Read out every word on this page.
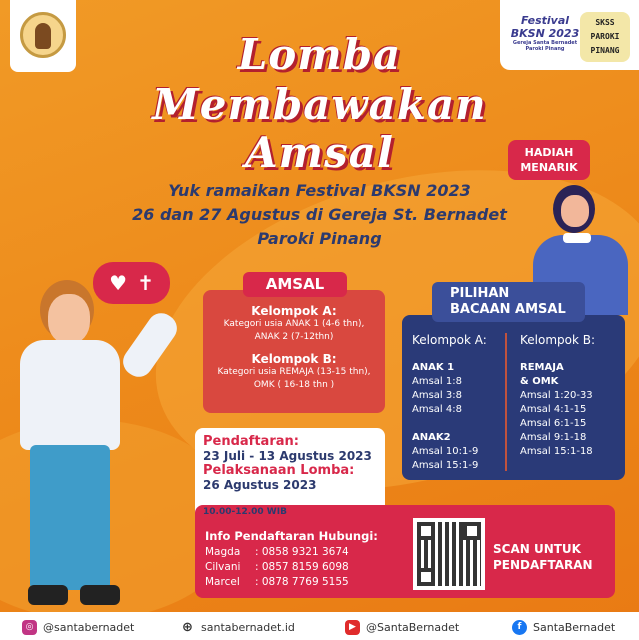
Festival
BKSN 2023
Gereja Santa Bernadet
Paroki Pinang
SKSS
PAROKI
PINANG
Lomba
Membawakan
Amsal
Yuk ramaikan Festival BKSN 2023
26 dan 27 Agustus di Gereja St. Bernadet
Paroki Pinang
HADIAH
MENARIK
♥ ✝
Kelompok A:
Kategori usia ANAK 1 (4-6 thn), ANAK 2 (7-12thn)
Kelompok B:
Kategori usia REMAJA (13-15 thn), OMK ( 16-18 thn )
AMSAL
Pendaftaran:
23 Juli - 13 Agustus 2023
Pelaksanaan Lomba:
26 Agustus 2023
10.00-12.00 WIB
Info Pendaftaran Hubungi:
Magda : 0858 9321 3674
Cilvani : 0857 8159 6098
Marcel : 0878 7769 5155
SCAN UNTUK
PENDAFTARAN
Kelompok A:
ANAK 1
Amsal 1:8
Amsal 3:8
Amsal 4:8
ANAK2
Amsal 10:1-9
Amsal 15:1-9
Kelompok B:
REMAJA
& OMK
Amsal 1:20-33
Amsal 4:1-15
Amsal 6:1-15
Amsal 9:1-18
Amsal 15:1-18
PILIHAN
BACAAN AMSAL
◎ @santabernadet	⊕ santabernadet.id	▶ @SantaBernadet	f	SantaBernadet
